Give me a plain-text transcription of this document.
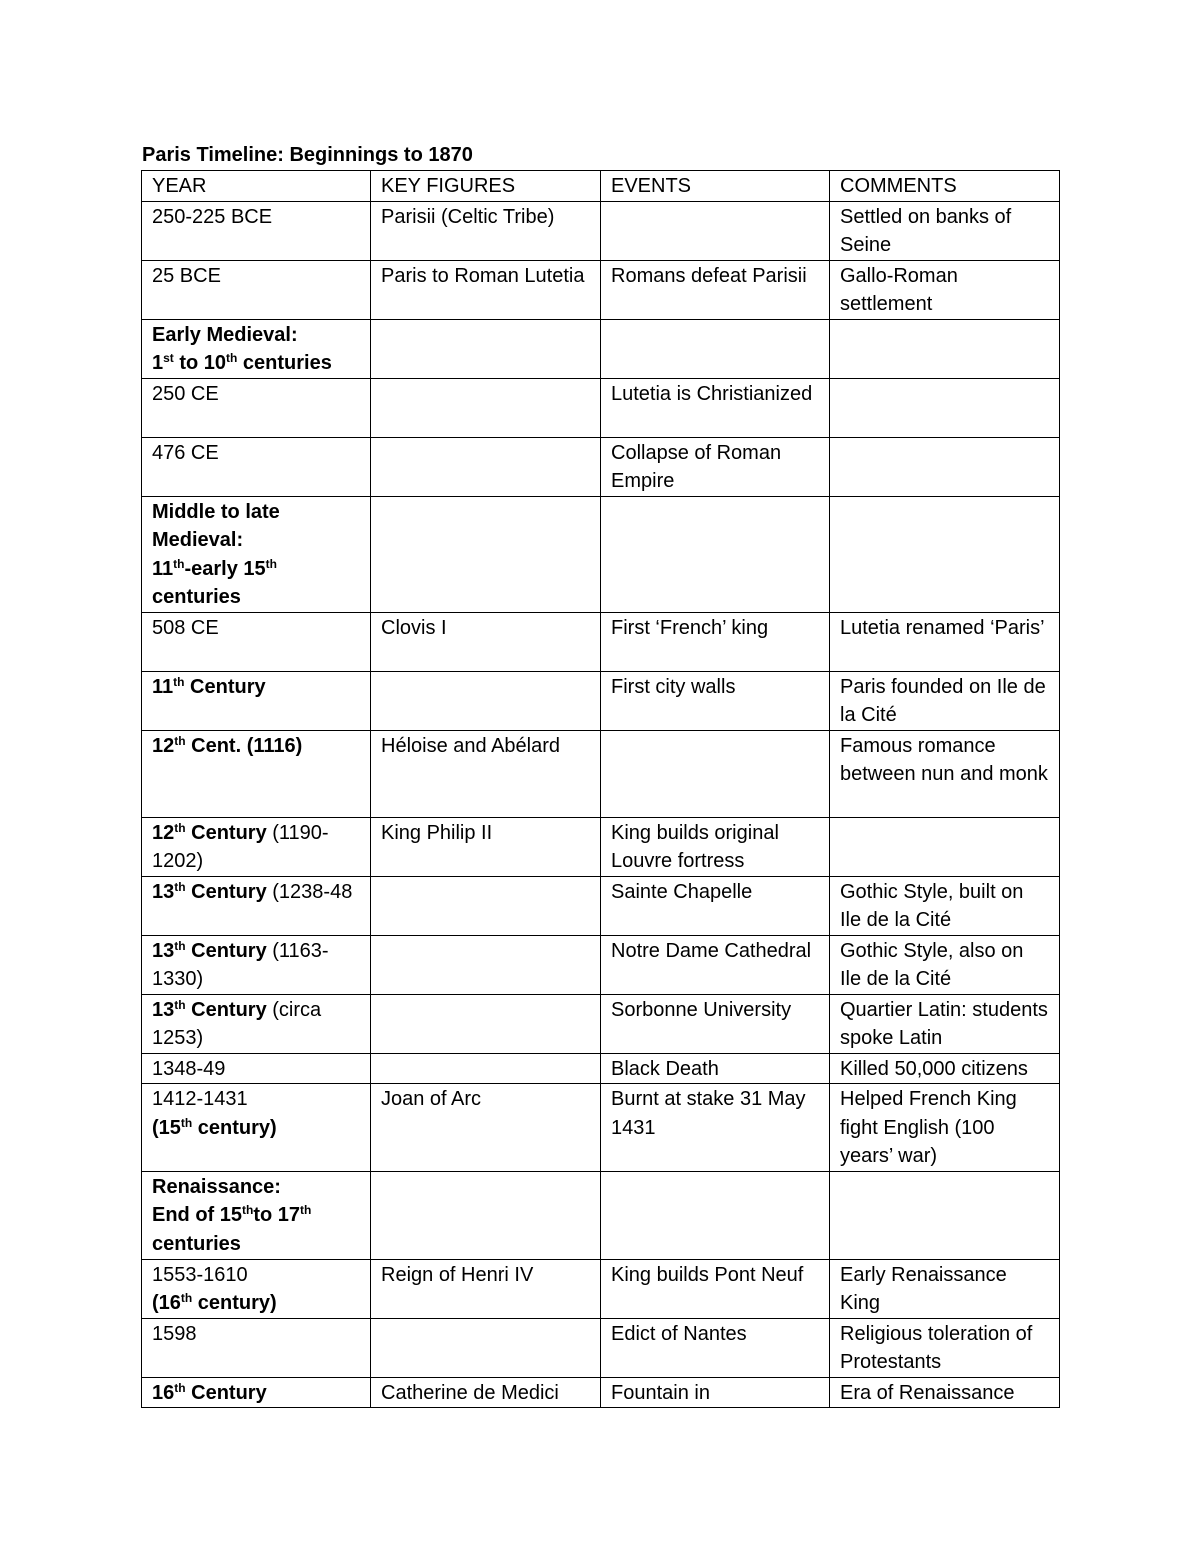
Paris Timeline: Beginnings to 1870
YEAR	KEY FIGURES	EVENTS	COMMENTS
250-225 BCE	Parisii (Celtic Tribe)		Settled on banks of Seine
25 BCE	Paris to Roman Lutetia	Romans defeat Parisii	Gallo-Roman settlement

Early Medieval:
1st to 10th centuries			

250 CE		Lutetia is Christianized	
476 CE		Collapse of Roman Empire	

Middle to late Medieval:
11th-early 15th
centuries			

508 CE	Clovis I	First ‘French’ king	Lutetia renamed ‘Paris’
11th Century		First city walls	Paris founded on Ile de la Cité
12th Cent. (1116)	Héloise and Abélard		Famous romance between nun and monk
12th Century (1190-1202)	King Philip II	King builds original Louvre fortress	
13th Century (1238-48		Sainte Chapelle	Gothic Style, built on Ile de la Cité
13th Century (1163-1330)		Notre Dame Cathedral	Gothic Style, also on Ile de la Cité
13th Century (circa 1253)		Sorbonne University	Quartier Latin: students spoke Latin
1348-49		Black Death	Killed 50,000 citizens

1412-1431
(15th century)	Joan of Arc	Burnt at stake 31 May 1431	Helped French King fight English (100 years’ war)

Renaissance:
End of 15thto 17th
centuries			

1553-1610
(16th century)	Reign of Henri IV	King builds Pont Neuf	Early Renaissance King
1598		Edict of Nantes	Religious toleration of Protestants
16th Century	Catherine de Medici	Fountain in	Era of Renaissance
